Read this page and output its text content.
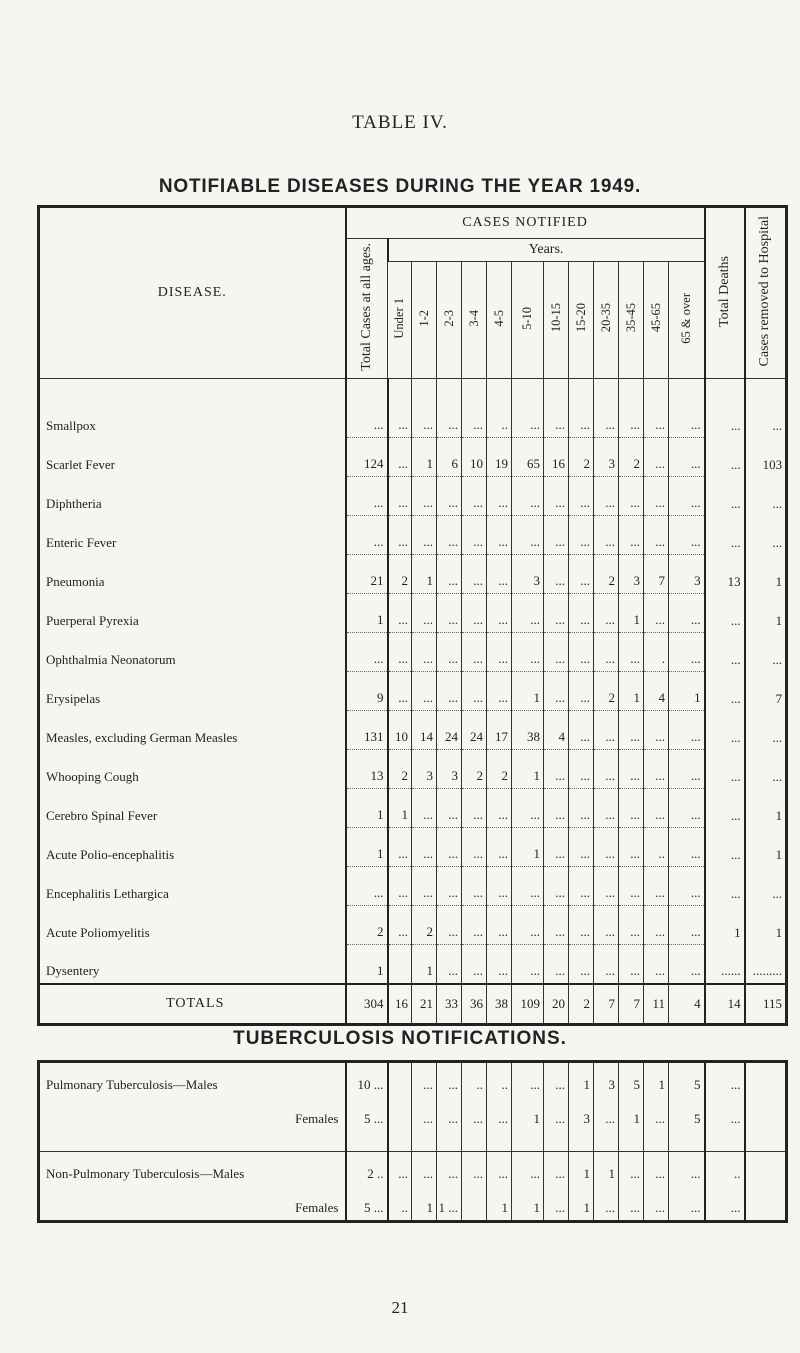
TABLE IV.
NOTIFIABLE DISEASES DURING THE YEAR 1949.
DISEASE.	CASES NOTIFIED													Total Deaths	Cases removed to Hospital
	Total Cases at all ages.	Years.													
		Under 1	1-2	2-3	3-4	4-5	5-10	10-15	15-20	20-35	35-45	45-65	65 & over		

Smallpox	...	...	...	...	...	..	...	...	...	...	...	...	...	...	...
Scarlet Fever	124	...	1	6	10	19	65	16	2	3	2	...	...	...	103
Diphtheria	...	...	...	...	...	...	...	...	...	...	...	...	...	...	...
Enteric Fever	...	...	...	...	...	...	...	...	...	...	...	...	...	...	...
Pneumonia	21	2	1	...	...	...	3	...	...	2	3	7	3	13	1
Puerperal Pyrexia	1	...	...	...	...	...	...	...	...	...	1	...	...	...	1
Ophthalmia Neonatorum	...	...	...	...	...	...	...	...	...	...	...	.	...	...	...
Erysipelas	9	...	...	...	...	...	1	...	...	2	1	4	1	...	7
Measles, excluding German Measles	131	10	14	24	24	17	38	4	...	...	...	...	...	...	...
Whooping Cough	13	2	3	3	2	2	1	...	...	...	...	...	...	...	...
Cerebro Spinal Fever	1	1	...	...	...	...	...	...	...	...	...	...	...	...	1
Acute Polio-encephalitis	1	...	...	...	...	...	1	...	...	...	...	..	...	...	1
Encephalitis Lethargica	...	...	...	...	...	...	...	...	...	...	...	...	...	...	...
Acute Poliomyelitis	2	...	2	...	...	...	...	...	...	...	...	...	...	1	1
Dysentery	1		1	...	...	...	...	...	...	...	...	...	...	......	.........
TOTALS	304	16	21	33	36	38	109	20	2	7	7	11	4	14	115
TUBERCULOSIS NOTIFICATIONS.
Pulmonary Tuberculosis—Males	10 ...		...	...	..	..	...	...	1	3	5	1	5	...	
Females	5 ...		...	...	...	...	1	...	3	...	1	...	5	...	

Non-Pulmonary Tuberculosis—Males	2 ..	...	...	...	...	...	...	...	1	1	...	...	...	..	
Females	5 ...	..	1	1 ...		1	1	...	1	...	...	...	...	...	
21
